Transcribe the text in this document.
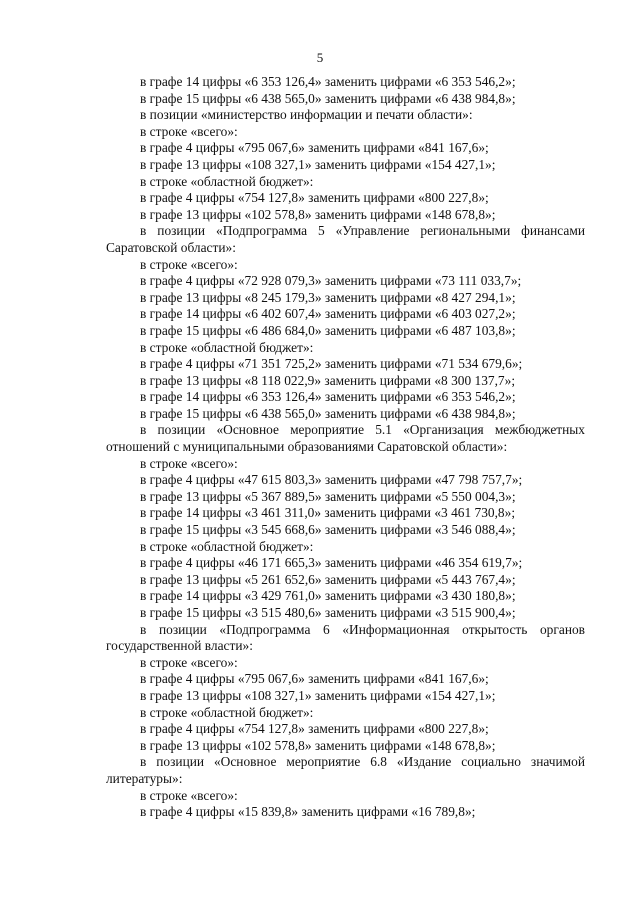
5
в графе 14 цифры «6 353 126,4» заменить цифрами «6 353 546,2»;
в графе 15 цифры «6 438 565,0» заменить цифрами «6 438 984,8»;
в позиции «министерство информации и печати области»:
в строке «всего»:
в графе 4 цифры «795 067,6» заменить цифрами «841 167,6»;
в графе 13 цифры «108 327,1» заменить цифрами «154 427,1»;
в строке «областной бюджет»:
в графе 4 цифры «754 127,8» заменить цифрами «800 227,8»;
в графе 13 цифры «102 578,8» заменить цифрами «148 678,8»;
в позиции «Подпрограмма 5 «Управление региональными финансами Саратовской области»:
в строке «всего»:
в графе 4 цифры «72 928 079,3» заменить цифрами «73 111 033,7»;
в графе 13 цифры «8 245 179,3» заменить цифрами «8 427 294,1»;
в графе 14 цифры «6 402 607,4» заменить цифрами «6 403 027,2»;
в графе 15 цифры «6 486 684,0» заменить цифрами «6 487 103,8»;
в строке «областной бюджет»:
в графе 4 цифры «71 351 725,2» заменить цифрами «71 534 679,6»;
в графе 13 цифры «8 118 022,9» заменить цифрами «8 300 137,7»;
в графе 14 цифры «6 353 126,4» заменить цифрами «6 353 546,2»;
в графе 15 цифры «6 438 565,0» заменить цифрами «6 438 984,8»;
в позиции «Основное мероприятие 5.1 «Организация межбюджетных отношений с муниципальными образованиями Саратовской области»:
в строке «всего»:
в графе 4 цифры «47 615 803,3» заменить цифрами «47 798 757,7»;
в графе 13 цифры «5 367 889,5» заменить цифрами «5 550 004,3»;
в графе 14 цифры «3 461 311,0» заменить цифрами «3 461 730,8»;
в графе 15 цифры «3 545 668,6» заменить цифрами «3 546 088,4»;
в строке «областной бюджет»:
в графе 4 цифры «46 171 665,3» заменить цифрами «46 354 619,7»;
в графе 13 цифры «5 261 652,6» заменить цифрами «5 443 767,4»;
в графе 14 цифры «3 429 761,0» заменить цифрами «3 430 180,8»;
в графе 15 цифры «3 515 480,6» заменить цифрами «3 515 900,4»;
в позиции «Подпрограмма 6 «Информационная открытость органов государственной власти»:
в строке «всего»:
в графе 4 цифры «795 067,6» заменить цифрами «841 167,6»;
в графе 13 цифры «108 327,1» заменить цифрами «154 427,1»;
в строке «областной бюджет»:
в графе 4 цифры «754 127,8» заменить цифрами «800 227,8»;
в графе 13 цифры «102 578,8» заменить цифрами «148 678,8»;
в позиции «Основное мероприятие 6.8 «Издание социально значимой литературы»:
в строке «всего»:
в графе 4 цифры «15 839,8» заменить цифрами «16 789,8»;
